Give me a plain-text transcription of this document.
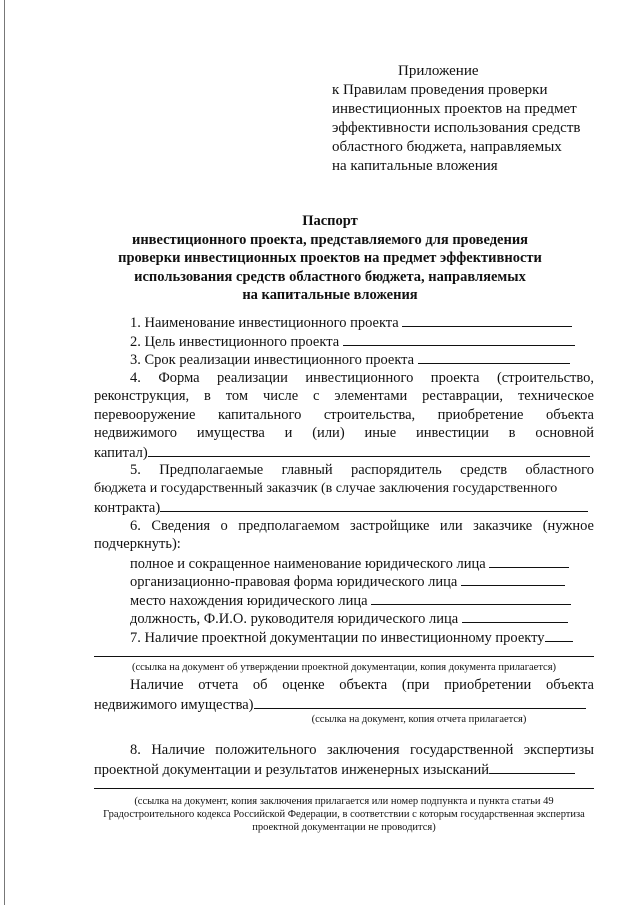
Приложение
к Правилам проведения проверки
инвестиционных проектов на предмет
эффективности использования средств
областного бюджета, направляемых
на капитальные вложения
Паспорт
инвестиционного проекта, представляемого для проведения
проверки инвестиционных проектов на предмет эффективности
использования средств областного бюджета, направляемых
на капитальные вложения
1. Наименование инвестиционного проекта
2. Цель инвестиционного проекта
3. Срок реализации инвестиционного проекта
4. Форма реализации инвестиционного проекта (строительство,
реконструкция, в том числе с элементами реставрации, техническое
перевооружение капитального строительства, приобретение объекта
недвижимого имущества и (или) иные инвестиции в основной
капитал)
5. Предполагаемые главный распорядитель средств областного
бюджета и государственный заказчик (в случае заключения государственного
контракта)
6. Сведения о предполагаемом застройщике или заказчике (нужное
подчеркнуть):
полное и сокращенное наименование юридического лица
организационно-правовая форма юридического лица
место нахождения юридического лица
должность, Ф.И.О. руководителя юридического лица
7. Наличие проектной документации по инвестиционному проекту
(ссылка на документ об утверждении проектной документации, копия документа прилагается)
Наличие отчета об оценке объекта (при приобретении объекта
недвижимого имущества)
(ссылка на документ, копия отчета прилагается)
8. Наличие положительного заключения государственной экспертизы
проектной документации и результатов инженерных изысканий
(ссылка на документ, копия заключения прилагается или номер подпункта и пункта статьи 49
Градостроительного кодекса Российской Федерации, в соответствии с которым государственная экспертиза
проектной документации не проводится)
